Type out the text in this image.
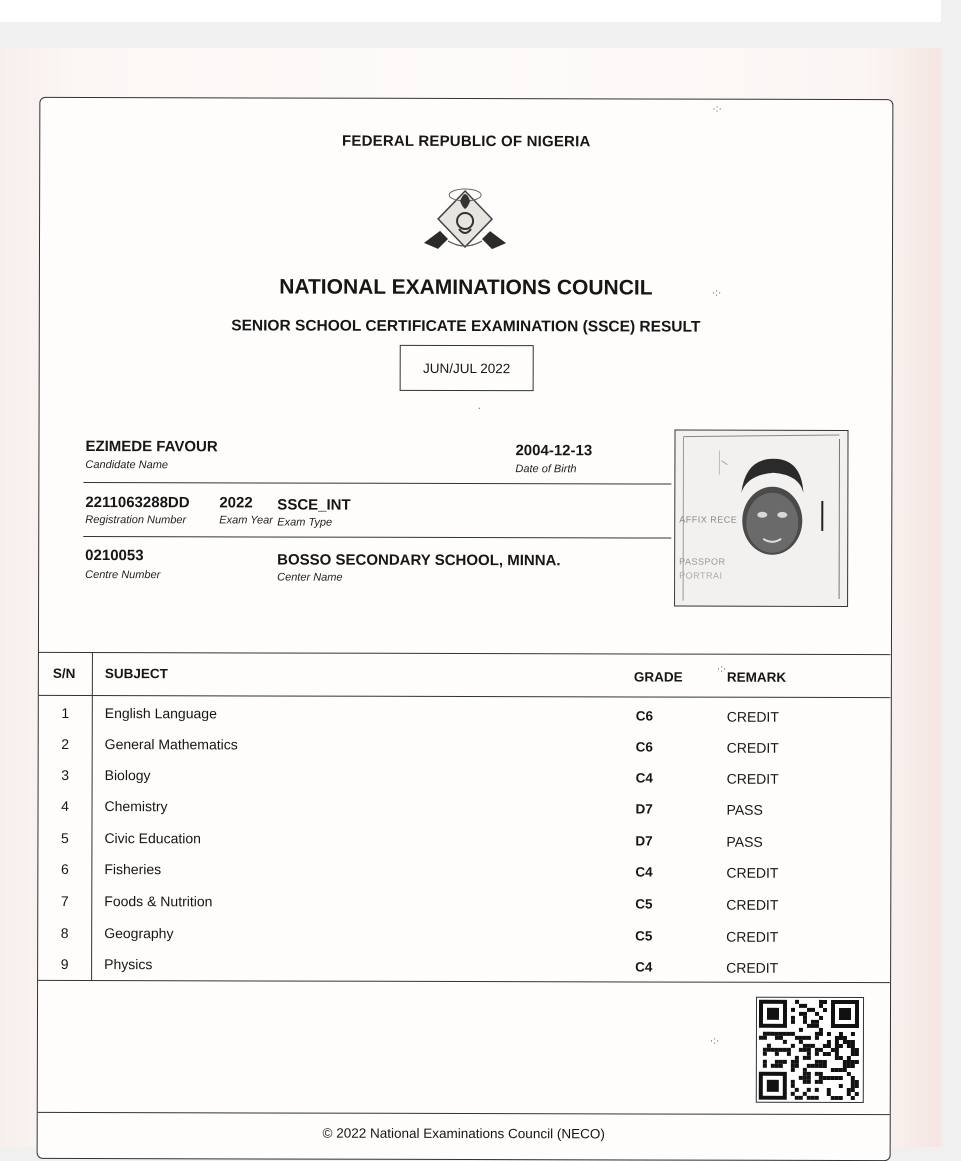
FEDERAL REPUBLIC OF NIGERIA
NATIONAL EXAMINATIONS COUNCIL
SENIOR SCHOOL CERTIFICATE EXAMINATION (SSCE) RESULT
JUN/JUL 2022
EZIMEDE FAVOUR
Candidate Name
2004-12-13
Date of Birth
2211063288DD
Registration Number
2022
Exam Year
SSCE_INT
Exam Type
0210053
Centre Number
BOSSO SECONDARY SCHOOL, MINNA.
Center Name
AFFIX RECE
PASSPOR
PORTRAI
S/N SUBJECT	GRADE	REMARK
1	English Language	C6	CREDIT
2	General Mathematics	C6	CREDIT
3	Biology	C4	CREDIT
4	Chemistry	D7	PASS
5	Civic Education	D7	PASS
6	Fisheries	C4	CREDIT
7	Foods & Nutrition	C5	CREDIT
8	Geography	C5	CREDIT
9	Physics	C4	CREDIT
© 2022 National Examinations Council (NECO)
·:·
·:·
·:·
·
·:·
